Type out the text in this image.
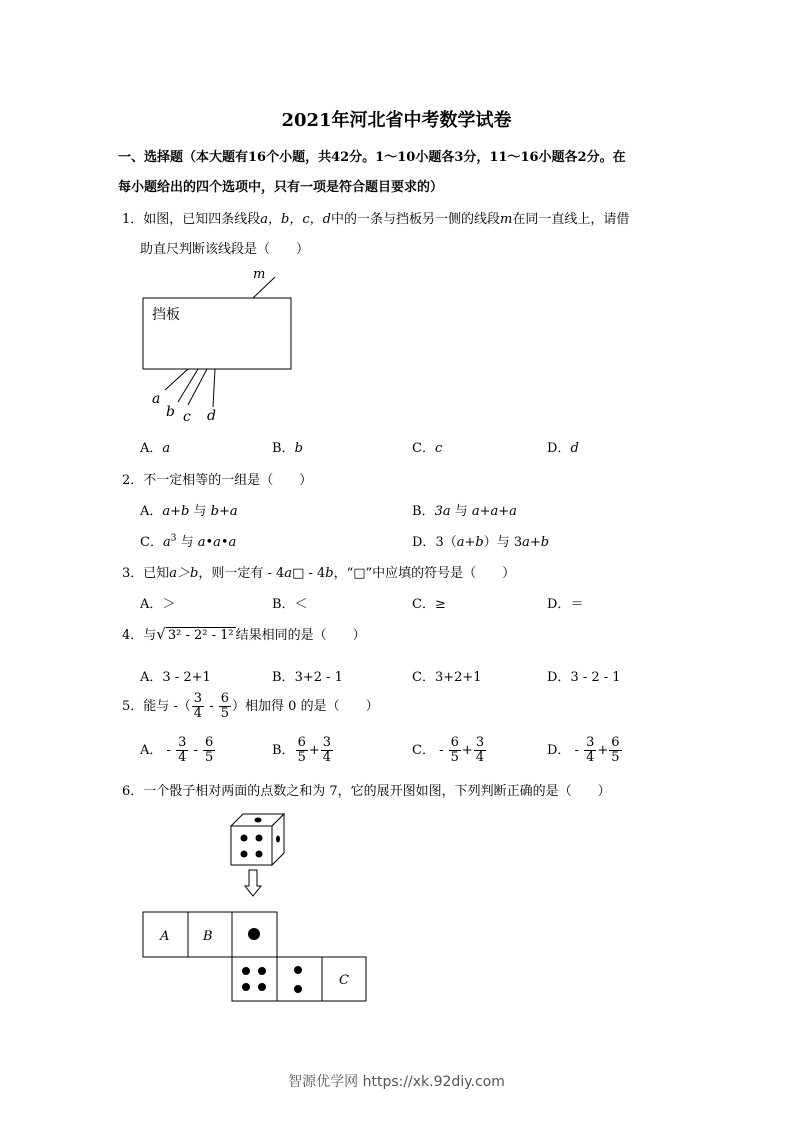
2021年河北省中考数学试卷
一、选择题（本大题有16个小题，共42分。1～10小题各3分，11～16小题各2分。在
每小题给出的四个选项中，只有一项是符合题目要求的）
1．如图，已知四条线段a，b，c，d中的一条与挡板另一侧的线段m在同一直线上，请借
助直尺判断该线段是（　　）
m
挡板
a
b c d
A．a	B．b	C．c	D．d
2．不一定相等的一组是（　　）
A．a+b 与 b+a	B．3a 与 a+a+a
C．$a^3$ 与 a•a•a	D．3（a+b）与 3a+b
3．已知a＞b，则一定有 - 4a□ - 4b，“□”中应填的符号是（　　）
A．＞	B．＜	C．≥	D．＝
4．与√ 3² - 2² - 1² 结果相同的是（　　）
A．3 - 2+1	B．3+2 - 1	C．3+2+1	D．3 - 2 - 1
5．能与 -（ $\frac{3}{4} - \frac{6}{5}$ ）相加得 0 的是（　　）
A． - $\frac{3}{4} - \frac{6}{5}$	B． $\frac{6}{5} + \frac{3}{4}$	C． - $\frac{6}{5} + \frac{3}{4}$	D． - $\frac{3}{4} + \frac{6}{5}$
6．一个骰子相对两面的点数之和为 7，它的展开图如图，下列判断正确的是（　　）
A	B
C
智源优学网 https://xk.92diy.com
